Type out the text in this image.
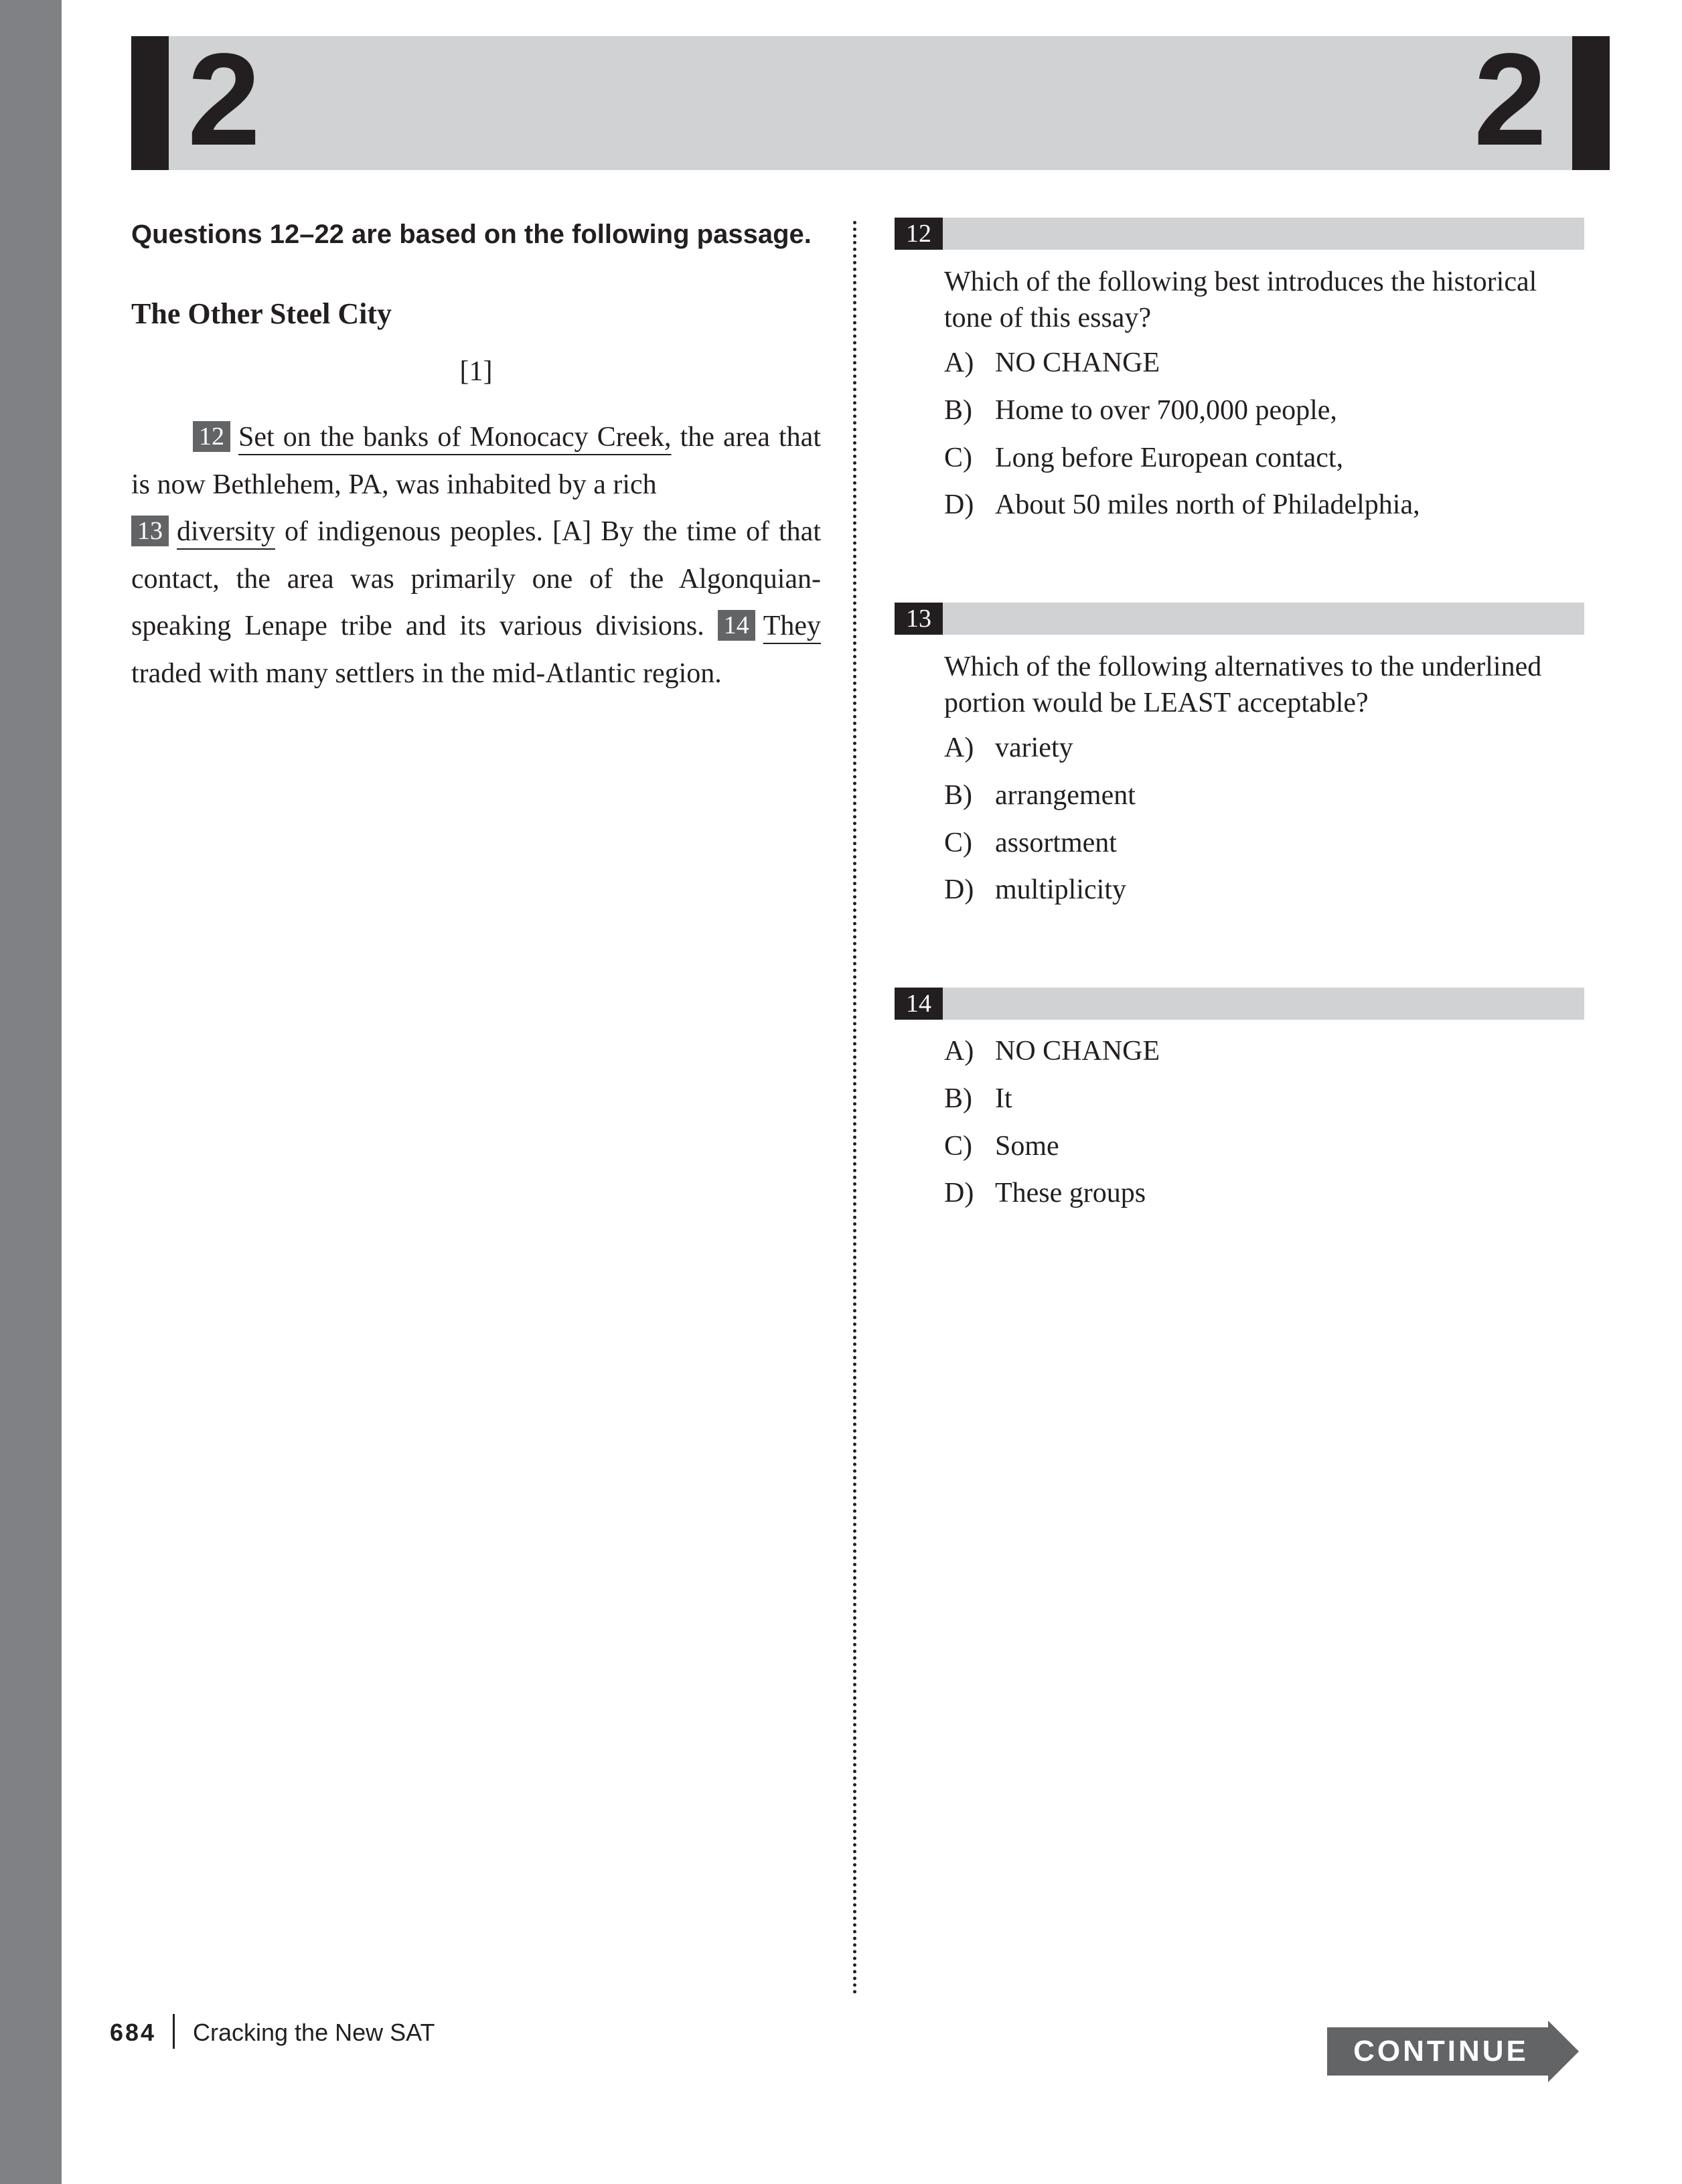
2	2
Questions 12–22 are based on the following passage.
The Other Steel City
[1]
12 Set on the banks of Monocacy Creek, the area that is now Bethlehem, PA, was inhabited by a rich
13 diversity of indigenous peoples. [A] By the time of that contact, the area was primarily one of the Algonquian-speaking Lenape tribe and its various divisions. 14 They traded with many settlers in the mid-Atlantic region.
12
Which of the following best introduces the historical tone of this essay?
A) NO CHANGE
B) Home to over 700,000 people,
C) Long before European contact,
D) About 50 miles north of Philadelphia,
13
Which of the following alternatives to the underlined portion would be LEAST acceptable?
A) variety
B) arrangement
C) assortment
D) multiplicity
14
A) NO CHANGE
B) It
C) Some
D) These groups
684 Cracking the New SAT
CONTINUE
